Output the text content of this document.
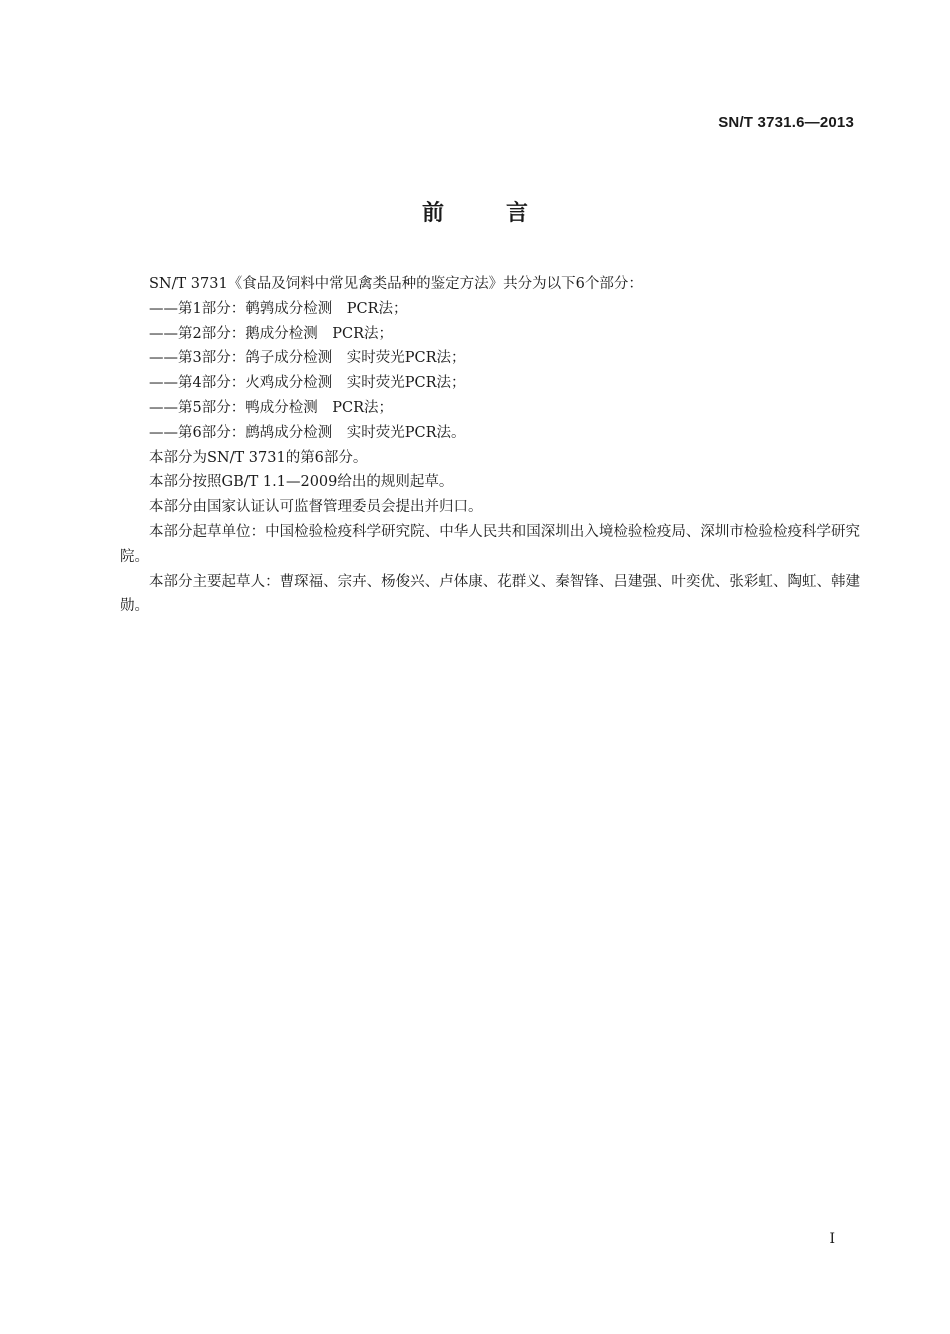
SN/T 3731.6—2013
前言

SN/T 3731《食品及饲料中常见禽类品种的鉴定方法》共分为以下6个部分：

——第1部分：鹌鹑成分检测　PCR法；

——第2部分：鹅成分检测　PCR法；

——第3部分：鸽子成分检测　实时荧光PCR法；

——第4部分：火鸡成分检测　实时荧光PCR法；

——第5部分：鸭成分检测　PCR法；

——第6部分：鹧鸪成分检测　实时荧光PCR法。

本部分为SN/T 3731的第6部分。

本部分按照GB/T 1.1—2009给出的规则起草。

本部分由国家认证认可监督管理委员会提出并归口。

本部分起草单位：中国检验检疫科学研究院、中华人民共和国深圳出入境检验检疫局、深圳市检验检疫科学研究院。

本部分主要起草人：曹琛福、宗卉、杨俊兴、卢体康、花群义、秦智锋、吕建强、叶奕优、张彩虹、陶虹、韩建勋。

I
